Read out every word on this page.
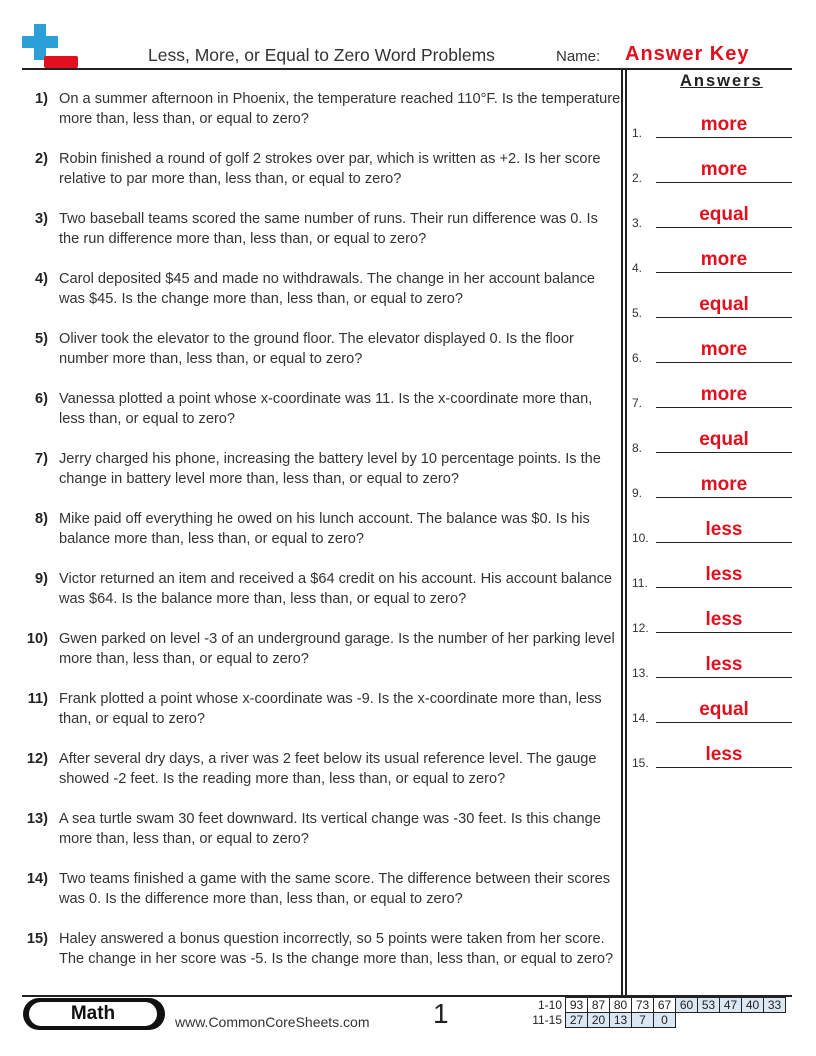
Less, More, or Equal to Zero Word Problems	Name: Answer Key
1) On a summer afternoon in Phoenix, the temperature reached 110°F. Is the temperature more than, less than, or equal to zero?
2) Robin finished a round of golf 2 strokes over par, which is written as +2. Is her score relative to par more than, less than, or equal to zero?
3) Two baseball teams scored the same number of runs. Their run difference was 0. Is the run difference more than, less than, or equal to zero?
4) Carol deposited $45 and made no withdrawals. The change in her account balance was $45. Is the change more than, less than, or equal to zero?
5) Oliver took the elevator to the ground floor. The elevator displayed 0. Is the floor number more than, less than, or equal to zero?
6) Vanessa plotted a point whose x-coordinate was 11. Is the x-coordinate more than, less than, or equal to zero?
7) Jerry charged his phone, increasing the battery level by 10 percentage points. Is the change in battery level more than, less than, or equal to zero?
8) Mike paid off everything he owed on his lunch account. The balance was $0. Is his balance more than, less than, or equal to zero?
9) Victor returned an item and received a $64 credit on his account. His account balance was $64. Is the balance more than, less than, or equal to zero?
10) Gwen parked on level -3 of an underground garage. Is the number of her parking level more than, less than, or equal to zero?
11) Frank plotted a point whose x-coordinate was -9. Is the x-coordinate more than, less than, or equal to zero?
12) After several dry days, a river was 2 feet below its usual reference level. The gauge showed -2 feet. Is the reading more than, less than, or equal to zero?
13) A sea turtle swam 30 feet downward. Its vertical change was -30 feet. Is this change more than, less than, or equal to zero?
14) Two teams finished a game with the same score. The difference between their scores was 0. Is the difference more than, less than, or equal to zero?
15) Haley answered a bonus question incorrectly, so 5 points were taken from her score. The change in her score was -5. Is the change more than, less than, or equal to zero?
Answers
1.	more
2.	more
3.	equal
4.	more
5.	equal
6.	more
7.	more
8.	equal
9.	more
10.	less
11.	less
12.	less
13.	less
14.	equal
15.	less
Math	www.CommonCoreSheets.com 1	1-10	93	87	80	73	67	60	53	47	40	33
11-15	27	20	13	7	0					
